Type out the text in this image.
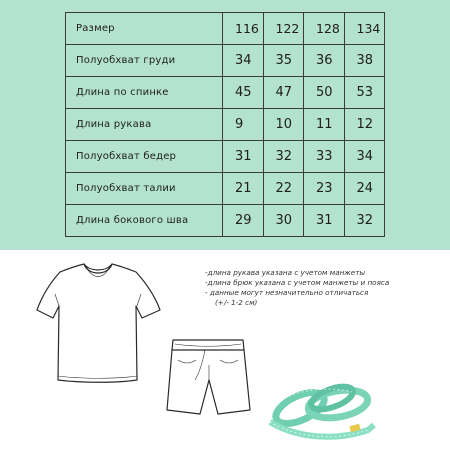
Размер	116	122	128	134
Полуобхват груди	34	35	36	38
Длина по спинке	45	47	50	53
Длина рукава	9	10	11	12
Полуобхват бедер	31	32	33	34
Полуобхват талии	21	22	23	24
Длина бокового шва	29	30	31	32
-длина рукава указана с учетом манжеты
-длина брюк указана с учетом манжеты и пояса
- данные могут незначительно отличаться
(+/- 1-2 см)
